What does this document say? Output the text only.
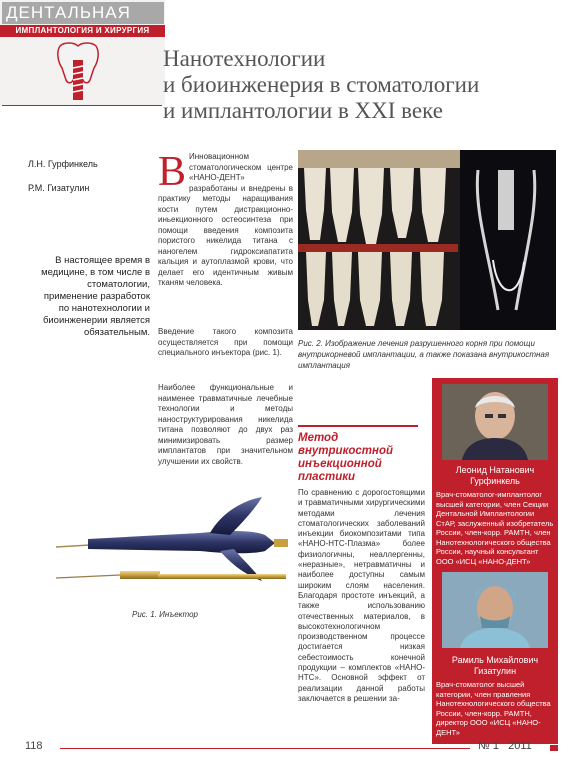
ДЕНТАЛЬНАЯ
ИМПЛАНТОЛОГИЯ И ХИРУРГИЯ
Нанотехнологии
и биоинженерия в стоматологии
и имплантологии в XXI веке
Л.Н. Гурфинкель
Р.М. Гизатулин
В настоящее время в медицине, в том числе в стоматологии, применение разработок по нанотехнологии и биоинженерии является обязательным.
В Инновационном стоматологическом центре «НАНО-ДЕНТ» разработаны и внедрены в практику методы наращивания кости путем дистракционно-иньекционного остеосинтеза при помощи введения композита пористого никелида титана с наногелем гидроксиапатита кальция и аутоплазмой крови, что делает его идентичным живым тканям человека.
Введение такого композита осуществляется при помощи специального инъектора (рис. 1).
Наиболее функциональные и наименее травматичные лечебные технологии и методы наноструктурирования никелида титана позволяют до двух раз минимизировать размер имплантатов при значительном улучшении их свойств.
Рис. 1. Инъектор
Рис. 2. Изображение лечения разрушенного корня при помощи внутрикорневой имплантации, а также показана внутрикостная имплантация
Метод внутрикостной инъекционной пластики
По сравнению с дорогостоящими и травматичными хирургическими методами лечения стоматологических заболеваний инъекции биокомпозитами типа «НАНО-НТС-Плазма» более физиологичны, неаллергенны, «неразные», нетравматичны и наиболее доступны самым широким слоям населения. Благодаря простоте инъекций, а также использованию отечественных материалов, в высокотехнологичном производственном процессе достигается низкая себестоимость конечной продукции – комплектов «НАНО-НТС». Основной эффект от реализации данной работы заключается в решении за-
Леонид Натанович Гурфинкель
Врач-стоматолог-имплантолог высшей категории, член Секции Дентальной Имплантологии СтАР, заслуженный изобретатель России, член-корр. РАМТН, член Нанотехнологического общества России, научный консультант ООО «ИСЦ «НАНО-ДЕНТ»
Рамиль Михайлович Гизатулин
Врач-стоматолог высшей категории, член правления Нанотехнологического общества России, член-корр. РАМТН, директор ООО «ИСЦ «НАНО-ДЕНТ»
118	№ 1   2011
